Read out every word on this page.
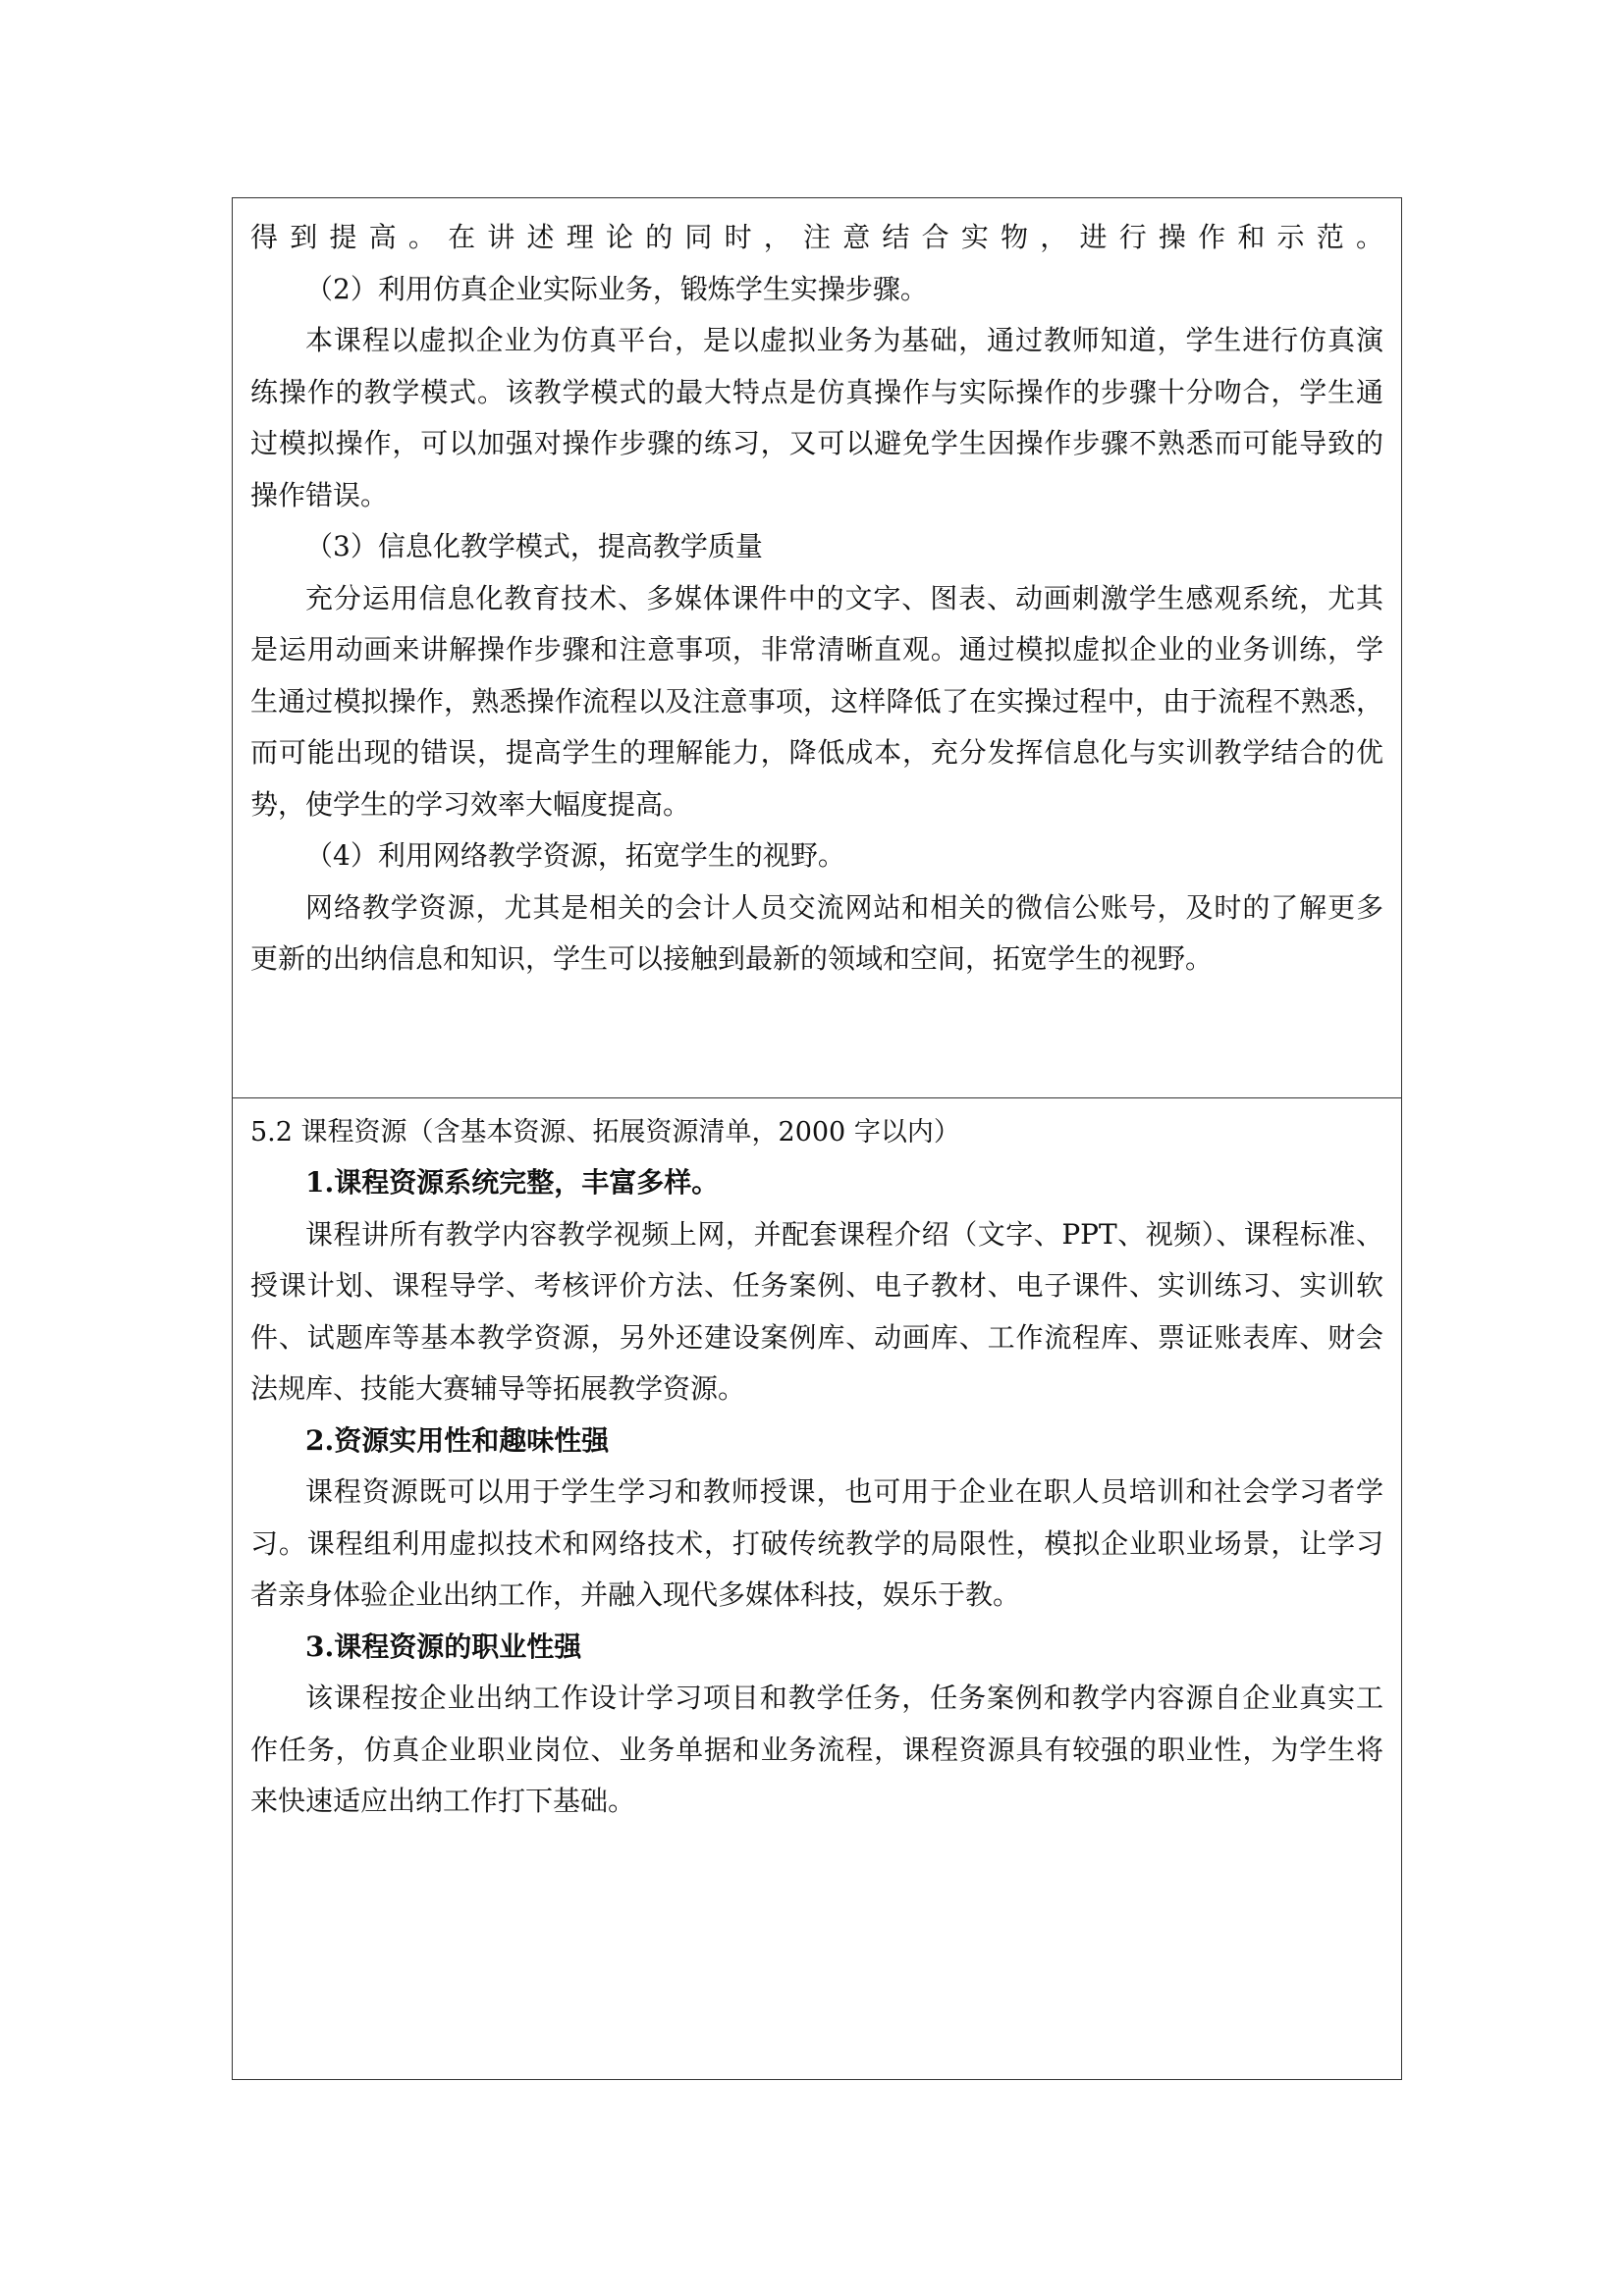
得到提高。在讲述理论的同时，注意结合实物，进行操作和示范。
（2）利用仿真企业实际业务，锻炼学生实操步骤。
本课程以虚拟企业为仿真平台，是以虚拟业务为基础，通过教师知道，学生进行仿真演
练操作的教学模式。该教学模式的最大特点是仿真操作与实际操作的步骤十分吻合，学生通
过模拟操作，可以加强对操作步骤的练习，又可以避免学生因操作步骤不熟悉而可能导致的
操作错误。
（3）信息化教学模式，提高教学质量
充分运用信息化教育技术、多媒体课件中的文字、图表、动画刺激学生感观系统，尤其
是运用动画来讲解操作步骤和注意事项，非常清晰直观。通过模拟虚拟企业的业务训练，学
生通过模拟操作，熟悉操作流程以及注意事项，这样降低了在实操过程中，由于流程不熟悉，
而可能出现的错误，提高学生的理解能力，降低成本，充分发挥信息化与实训教学结合的优
势，使学生的学习效率大幅度提高。
（4）利用网络教学资源，拓宽学生的视野。
网络教学资源，尤其是相关的会计人员交流网站和相关的微信公账号，及时的了解更多
更新的出纳信息和知识，学生可以接触到最新的领域和空间，拓宽学生的视野。
5.2 课程资源（含基本资源、拓展资源清单，2000 字以内）
1.课程资源系统完整，丰富多样。
课程讲所有教学内容教学视频上网，并配套课程介绍（文字、PPT、视频）、课程标准、
授课计划、课程导学、考核评价方法、任务案例、电子教材、电子课件、实训练习、实训软
件、试题库等基本教学资源，另外还建设案例库、动画库、工作流程库、票证账表库、财会
法规库、技能大赛辅导等拓展教学资源。
2.资源实用性和趣味性强
课程资源既可以用于学生学习和教师授课，也可用于企业在职人员培训和社会学习者学
习。课程组利用虚拟技术和网络技术，打破传统教学的局限性，模拟企业职业场景，让学习
者亲身体验企业出纳工作，并融入现代多媒体科技，娱乐于教。
3.课程资源的职业性强
该课程按企业出纳工作设计学习项目和教学任务，任务案例和教学内容源自企业真实工
作任务，仿真企业职业岗位、业务单据和业务流程，课程资源具有较强的职业性，为学生将
来快速适应出纳工作打下基础。
